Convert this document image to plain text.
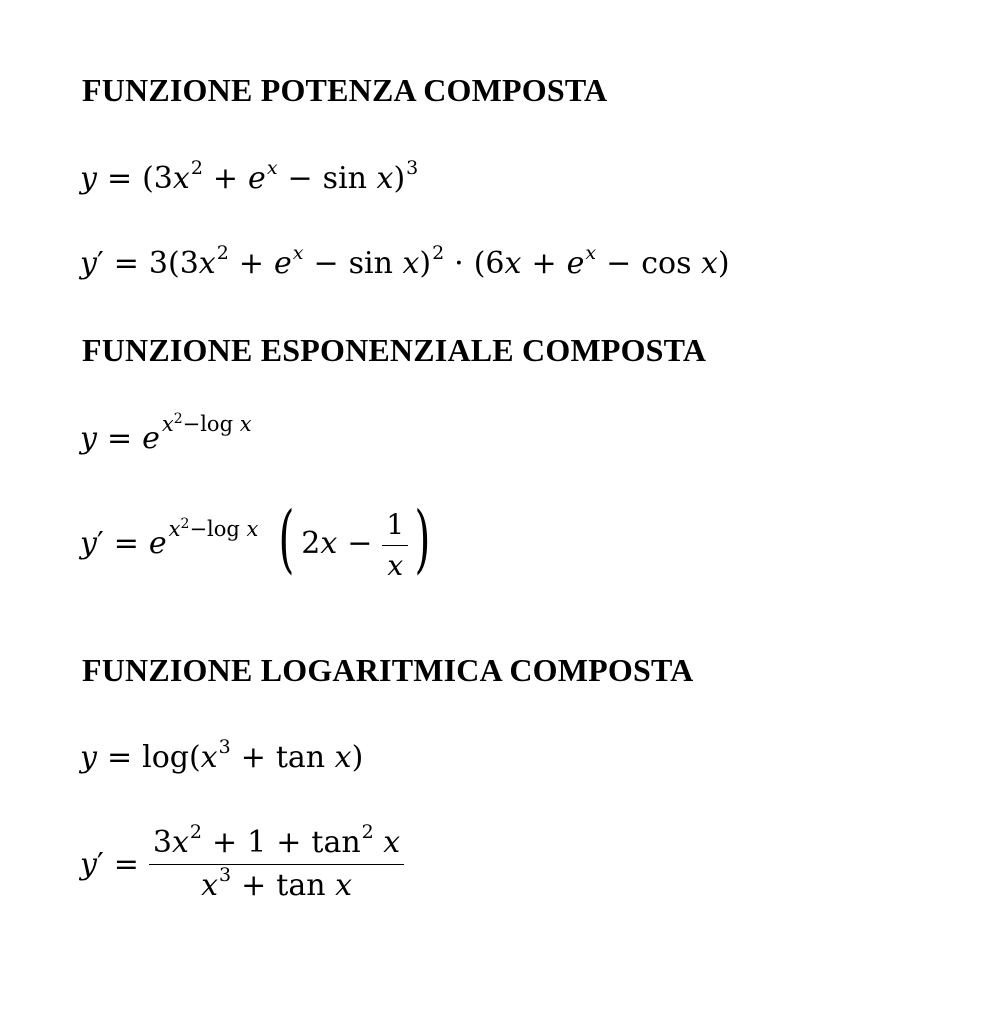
FUNZIONE POTENZA COMPOSTA
$y = (3x^2 + e^x - \sin x)^3$
$y' = 3(3x^2 + e^x - \sin x)^2 \cdot (6x + e^x - \cos x)$
FUNZIONE ESPONENZIALE COMPOSTA
$y = e^{x^2-log x}$
$y' = e^{x^2-log x}$ ( $2x - \frac{1}{x}$ )
FUNZIONE LOGARITMICA COMPOSTA
$y = \log(x^3 + \tan x)$
$y' = \frac{3x^2 + 1 + \tan^2 x}{x^3 + \tan x}$
